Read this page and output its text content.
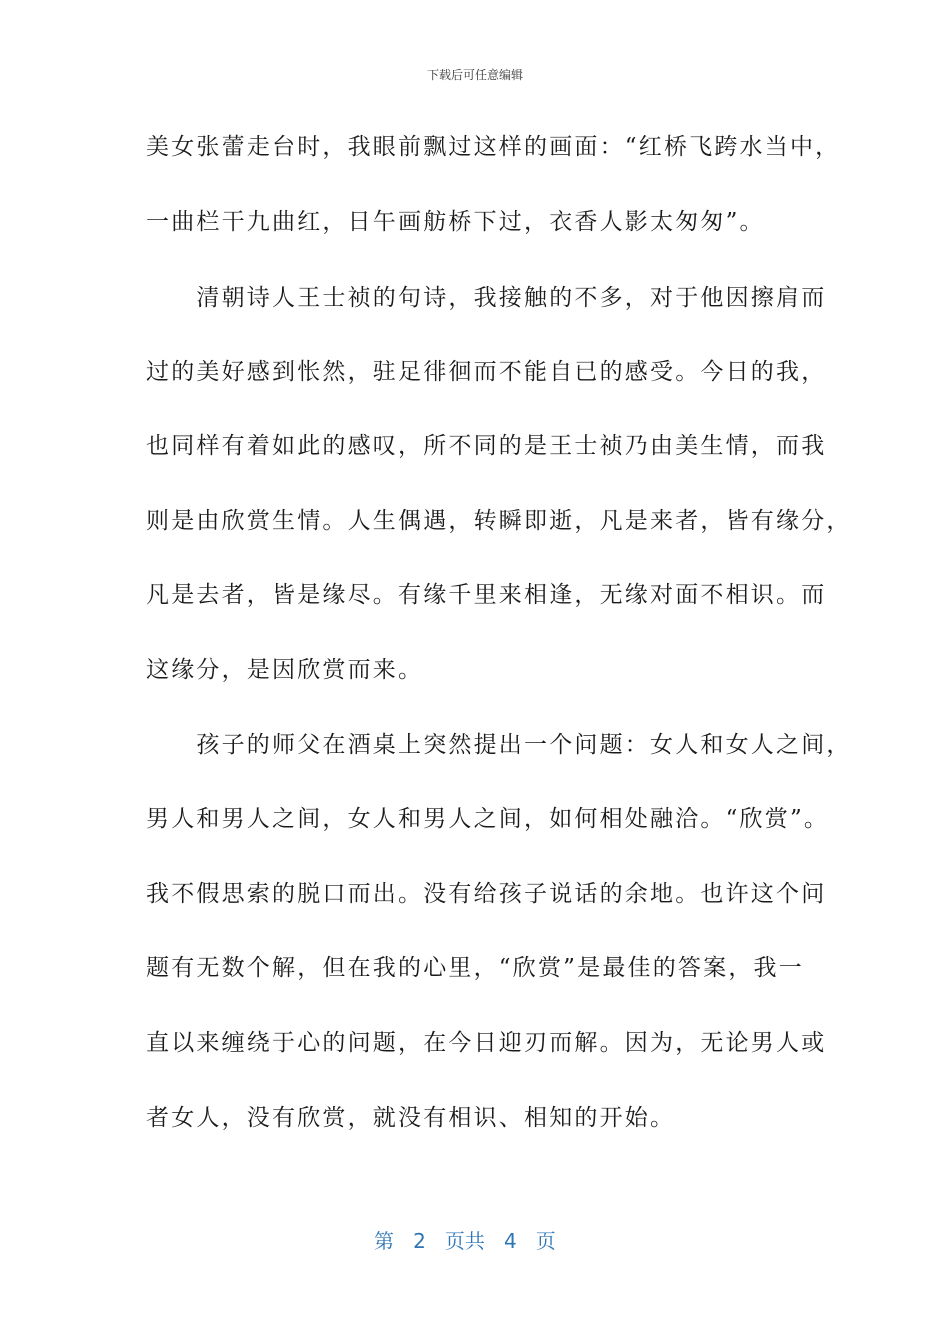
下载后可任意编辑
美女张蕾走台时，我眼前飘过这样的画面：“红桥飞跨水当中，
一曲栏干九曲红，日午画舫桥下过，衣香人影太匆匆”。
　　清朝诗人王士祯的句诗，我接触的不多，对于他因擦肩而
过的美好感到怅然，驻足徘徊而不能自已的感受。今日的我，
也同样有着如此的感叹，所不同的是王士祯乃由美生情，而我
则是由欣赏生情。人生偶遇，转瞬即逝，凡是来者，皆有缘分，
凡是去者，皆是缘尽。有缘千里来相逢，无缘对面不相识。而
这缘分，是因欣赏而来。
　　孩子的师父在酒桌上突然提出一个问题：女人和女人之间，
男人和男人之间，女人和男人之间，如何相处融洽。“欣赏”。
我不假思索的脱口而出。没有给孩子说话的余地。也许这个问
题有无数个解，但在我的心里，“欣赏”是最佳的答案，我一
直以来缠绕于心的问题，在今日迎刃而解。因为，无论男人或
者女人，没有欣赏，就没有相识、相知的开始。
第 2 页共 4 页
